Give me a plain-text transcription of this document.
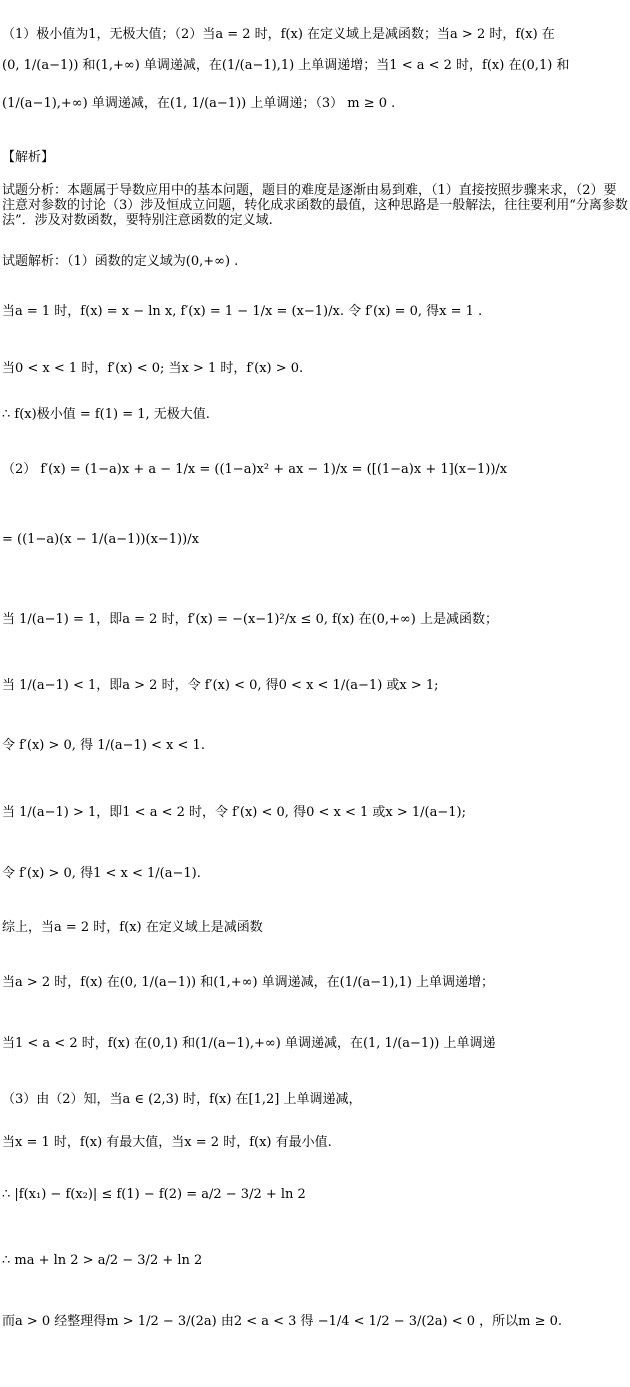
（1）极小值为1，无极大值；（2）当a = 2 时，f(x) 在定义域上是减函数；当a > 2 时，f(x) 在
(0, 1/(a−1)) 和(1,+∞) 单调递减，在(1/(a−1),1) 上单调递增；当1 < a < 2 时，f(x) 在(0,1) 和
(1/(a−1),+∞) 单调递减，在(1, 1/(a−1)) 上单调递；（3） m ≥ 0 .
【解析】
试题分析：本题属于导数应用中的基本问题，题目的难度是逐渐由易到难，（1）直接按照步骤来求，（2）要注意对参数的讨论（3）涉及恒成立问题，转化成求函数的最值，这种思路是一般解法，往往要利用“分离参数法”．涉及对数函数，要特别注意函数的定义域.
试题解析：（1）函数的定义域为(0,+∞) .
当a = 1 时，f(x) = x − ln x, f′(x) = 1 − 1/x = (x−1)/x. 令 f′(x) = 0, 得x = 1 .
当0 < x < 1 时，f′(x) < 0; 当x > 1 时，f′(x) > 0.
∴ f(x)极小值 = f(1) = 1, 无极大值.
（2） f′(x) = (1−a)x + a − 1/x = ((1−a)x² + ax − 1)/x = ([(1−a)x + 1](x−1))/x
= ((1−a)(x − 1/(a−1))(x−1))/x
当 1/(a−1) = 1，即a = 2 时，f′(x) = −(x−1)²/x ≤ 0, f(x) 在(0,+∞) 上是减函数；
当 1/(a−1) < 1，即a > 2 时，令 f′(x) < 0, 得0 < x < 1/(a−1) 或x > 1;
令 f′(x) > 0, 得 1/(a−1) < x < 1.
当 1/(a−1) > 1，即1 < a < 2 时，令 f′(x) < 0, 得0 < x < 1 或x > 1/(a−1);
令 f′(x) > 0, 得1 < x < 1/(a−1).
综上，当a = 2 时，f(x) 在定义域上是减函数
当a > 2 时，f(x) 在(0, 1/(a−1)) 和(1,+∞) 单调递减，在(1/(a−1),1) 上单调递增；
当1 < a < 2 时，f(x) 在(0,1) 和(1/(a−1),+∞) 单调递减，在(1, 1/(a−1)) 上单调递
（3）由（2）知，当a ∈ (2,3) 时，f(x) 在[1,2] 上单调递减，
当x = 1 时，f(x) 有最大值，当x = 2 时，f(x) 有最小值.
∴ |f(x₁) − f(x₂)| ≤ f(1) − f(2) = a/2 − 3/2 + ln 2
∴ ma + ln 2 > a/2 − 3/2 + ln 2
而a > 0 经整理得m > 1/2 − 3/(2a) 由2 < a < 3 得 −1/4 < 1/2 − 3/(2a) < 0 ，所以m ≥ 0.
